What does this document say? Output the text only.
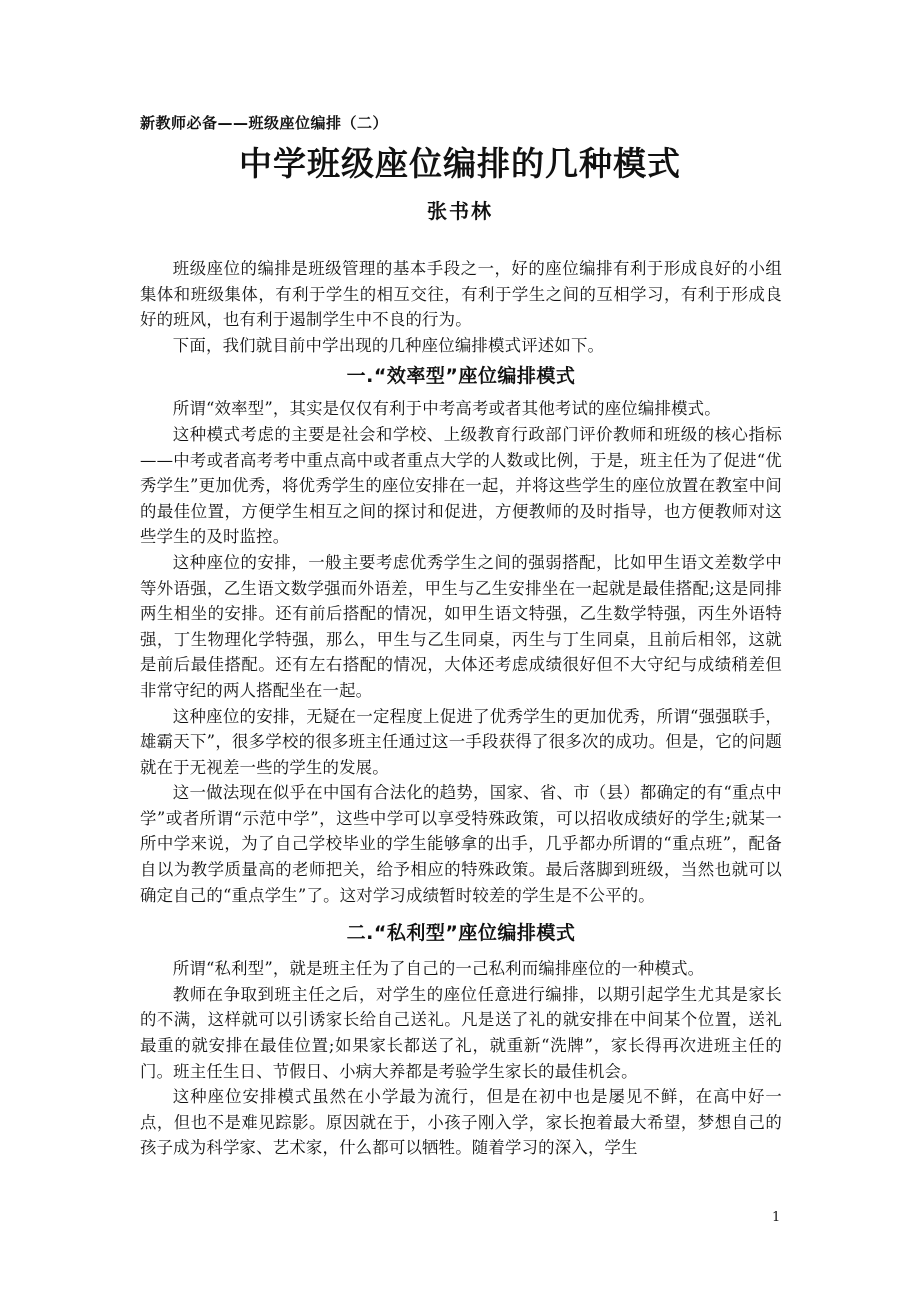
新教师必备——班级座位编排（二）
中学班级座位编排的几种模式
张书林

班级座位的编排是班级管理的基本手段之一，好的座位编排有利于形成良好的小组集体和班级集体，有利于学生的相互交往，有利于学生之间的互相学习，有利于形成良好的班风，也有利于遏制学生中不良的行为。

下面，我们就目前中学出现的几种座位编排模式评述如下。

一.“效率型”座位编排模式

所谓“效率型”，其实是仅仅有利于中考高考或者其他考试的座位编排模式。

这种模式考虑的主要是社会和学校、上级教育行政部门评价教师和班级的核心指标——中考或者高考考中重点高中或者重点大学的人数或比例，于是，班主任为了促进“优秀学生”更加优秀，将优秀学生的座位安排在一起，并将这些学生的座位放置在教室中间的最佳位置，方便学生相互之间的探讨和促进，方便教师的及时指导，也方便教师对这些学生的及时监控。

这种座位的安排，一般主要考虑优秀学生之间的强弱搭配，比如甲生语文差数学中等外语强，乙生语文数学强而外语差，甲生与乙生安排坐在一起就是最佳搭配;这是同排两生相坐的安排。还有前后搭配的情况，如甲生语文特强，乙生数学特强，丙生外语特强，丁生物理化学特强，那么，甲生与乙生同桌，丙生与丁生同桌，且前后相邻，这就是前后最佳搭配。还有左右搭配的情况，大体还考虑成绩很好但不大守纪与成绩稍差但非常守纪的两人搭配坐在一起。

这种座位的安排，无疑在一定程度上促进了优秀学生的更加优秀，所谓“强强联手，雄霸天下”，很多学校的很多班主任通过这一手段获得了很多次的成功。但是，它的问题就在于无视差一些的学生的发展。

这一做法现在似乎在中国有合法化的趋势，国家、省、市（县）都确定的有“重点中学”或者所谓“示范中学”，这些中学可以享受特殊政策，可以招收成绩好的学生;就某一所中学来说，为了自己学校毕业的学生能够拿的出手，几乎都办所谓的“重点班”，配备自以为教学质量高的老师把关，给予相应的特殊政策。最后落脚到班级，当然也就可以确定自己的“重点学生”了。这对学习成绩暂时较差的学生是不公平的。

二.“私利型”座位编排模式

所谓“私利型”，就是班主任为了自己的一己私利而编排座位的一种模式。

教师在争取到班主任之后，对学生的座位任意进行编排，以期引起学生尤其是家长的不满，这样就可以引诱家长给自己送礼。凡是送了礼的就安排在中间某个位置，送礼最重的就安排在最佳位置;如果家长都送了礼，就重新“洗牌”，家长得再次进班主任的门。班主任生日、节假日、小病大养都是考验学生家长的最佳机会。

这种座位安排模式虽然在小学最为流行，但是在初中也是屡见不鲜，在高中好一点，但也不是难见踪影。原因就在于，小孩子刚入学，家长抱着最大希望，梦想自己的孩子成为科学家、艺术家，什么都可以牺牲。随着学习的深入，学生

1
